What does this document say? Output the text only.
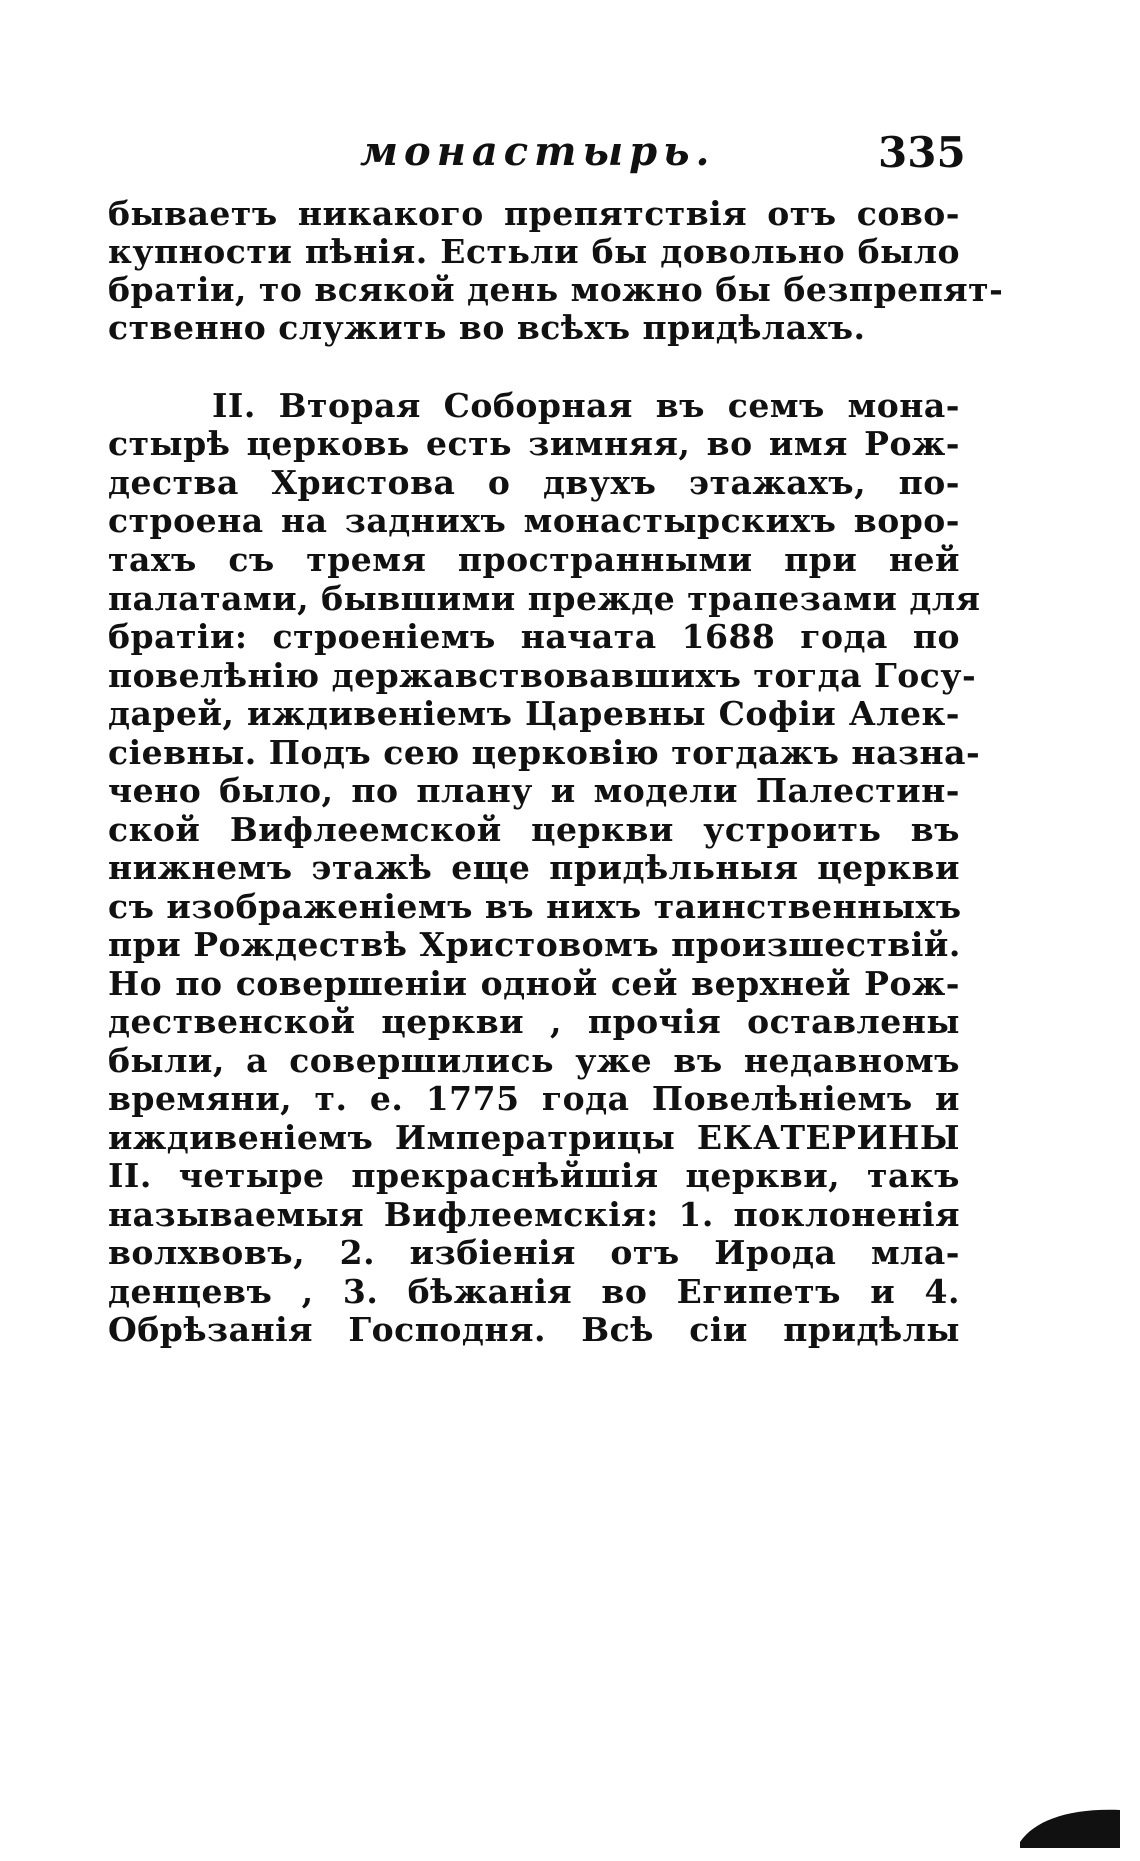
монастырь.	335
бываетъ никакого препятствія отъ сово-
купности пѣнія. Естьли бы довольно было
братіи, то всякой день можно бы безпрепят-
ственно служить во всѣхъ придѣлахъ.
II. Вторая Соборная въ семъ мона-
стырѣ церковь есть зимняя, во имя Рож-
дества Христова о двухъ этажахъ, по-
строена на заднихъ монастырскихъ воро-
тахъ съ тремя пространными при ней
палатами, бывшими прежде трапезами для
братіи: строеніемъ начата 1688 года по
повелѣнію державствовавшихъ тогда Госу-
дарей, иждивеніемъ Царевны Софіи Алек-
сіевны. Подъ сею церковію тогдажъ назна-
чено было, по плану и модели Палестин-
ской Вифлеемской церкви устроить въ
нижнемъ этажѣ еще придѣльныя церкви
съ изображеніемъ въ нихъ таинственныхъ
при Рождествѣ Христовомъ произшествій.
Но по совершеніи одной сей верхней Рож-
дественской церкви , прочія оставлены
были, а совершились уже въ недавномъ
времяни, т. е. 1775 года Повелѣніемъ и
иждивеніемъ Императрицы ЕКАТЕРИНЫ
II. четыре прекраснѣйшія церкви, такъ
называемыя Вифлеемскія: 1. поклоненія
волхвовъ, 2. избіенія отъ Ирода мла-
денцевъ , 3. бѣжанія во Египетъ и 4.
Обрѣзанія Господня. Всѣ сіи придѣлы
